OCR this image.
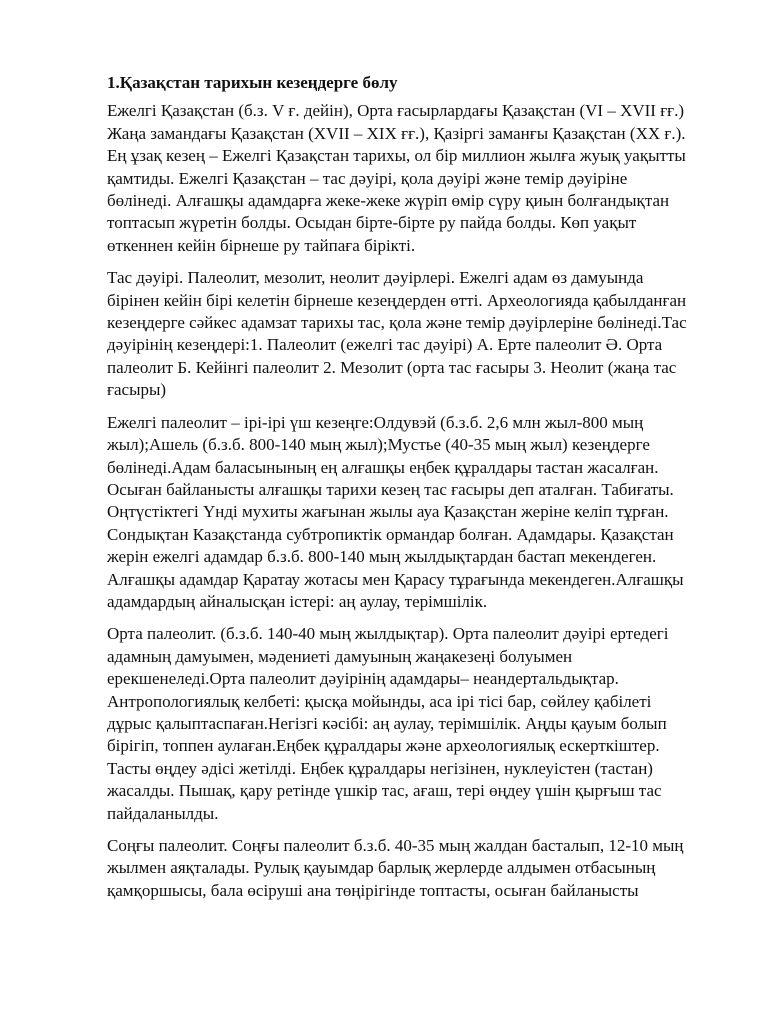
1.Қазақстан тарихын кезеңдерге бөлу
Ежелгі Қазақстан (б.з. V ғ. дейін), Орта ғасырлардағы Қазақстан (VI – XVII ғғ.)
Жаңа замандағы Қазақстан (XVII – XIX ғғ.), Қазіргі заманғы Қазақстан (XX ғ.).
Ең ұзақ кезең – Ежелгі Қазақстан тарихы, ол бір миллион жылға жуық уақытты
қамтиды. Ежелгі Қазақстан – тас дәуірі, қола дәуірі және темір дәуіріне
бөлінеді. Алғашқы адамдарға жеке-жеке жүріп өмір сүру қиын болғандықтан
топтасып жүретін болды. Осыдан бірте-бірте ру пайда болды. Көп уақыт
өткеннен кейін бірнеше ру тайпаға бірікті.
Тас дәуірі. Палеолит, мезолит, неолит дәуірлері. Ежелгі адам өз дамуында
бірінен кейін бірі келетін бірнеше кезеңдерден өтті. Археологияда қабылданған
кезеңдерге сәйкес адамзат тарихы тас, қола және темір дәуірлеріне бөлінеді.Тас
дәуірінің кезеңдері:1. Палеолит (ежелгі тас дәуірі) А. Ерте палеолит Ә. Орта
палеолит Б. Кейінгі палеолит 2. Мезолит (орта тас ғасыры 3. Неолит (жаңа тас
ғасыры)
Ежелгі палеолит – ірі-ірі үш кезеңге:Олдувэй (б.з.б. 2,6 млн жыл-800 мың
жыл);Ашель (б.з.б. 800-140 мың жыл);Мустье (40-35 мың жыл) кезеңдерге
бөлінеді.Адам баласынының ең алғашқы еңбек құралдары тастан жасалған.
Осыған байланысты алғашқы тарихи кезең тас ғасыры деп аталған. Табиғаты.
Оңтүстіктегі Үнді мухиты жағынан жылы ауа Қазақстан жеріне келіп тұрған.
Сондықтан Казақстанда субтропиктік ормандар болған. Адамдары. Қазақстан
жерін ежелгі адамдар б.з.б. 800-140 мың жылдықтардан бастап мекендеген.
Алғашқы адамдар Қаратау жотасы мен Қарасу тұрағында мекендеген.Алғашқы
адамдардың айналысқан істері: аң аулау, терімшілік.
Орта палеолит. (б.з.б. 140-40 мың жылдықтар). Орта палеолит дәуірі ертедегі
адамның дамуымен, мәдениеті дамуының жаңакезеңі болуымен
ерекшенеледі.Орта палеолит дәуірінің адамдары– неандертальдықтар.
Антропологиялық келбеті: қысқа мойынды, аса ірі тісі бар, сөйлеу қабілеті
дұрыс қалыптаспаған.Негізгі кәсібі: аң аулау, терімшілік. Аңды қауым болып
бірігіп, топпен аулаған.Еңбек құралдары және археологиялық ескерткіштер.
Тасты өңдеу әдісі жетілді. Еңбек құралдары негізінен, нуклеуістен (тастан)
жасалды. Пышақ, қару ретінде үшкір тас, ағаш, тері өңдеу үшін қырғыш тас
пайдаланылды.
Соңғы палеолит. Соңғы палеолит б.з.б. 40-35 мың жалдан басталып, 12-10 мың
жылмен аяқталады. Рулық қауымдар барлық жерлерде алдымен отбасының
қамқоршысы, бала өсіруші ана төңірігінде топтасты, осыған байланысты
